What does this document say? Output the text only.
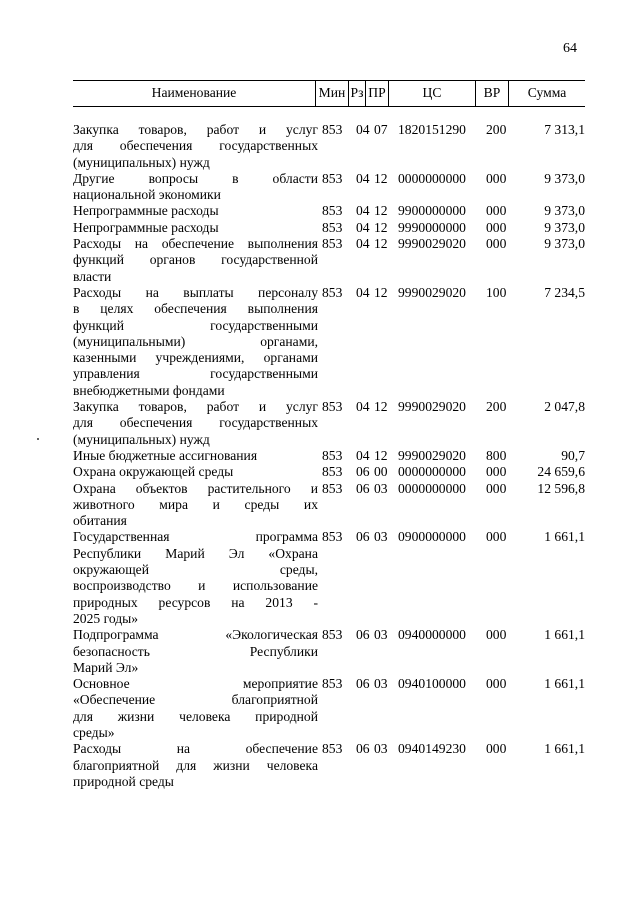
64
Наименование	Мин Рз ПР	ЦС	ВР	Сумма
Закупка товаров, работ и услуг
для обеспечения государственных
(муниципальных) нужд
853	04 07 1820151290	200	7 313,1
Другие вопросы в области
национальной экономики
853	04 12 0000000000	000	9 373,0
Непрограммные расходы	853	04 12 9900000000	000	9 373,0
Непрограммные расходы	853	04 12 9990000000	000	9 373,0
Расходы на обеспечение выполнения
функций органов государственной
власти
853	04 12 9990029020	000	9 373,0
Расходы на выплаты персоналу
в целях обеспечения выполнения
функций государственными
(муниципальными) органами,
казенными учреждениями, органами
управления государственными
внебюджетными фондами
853	04 12 9990029020	100	7 234,5
Закупка товаров, работ и услуг
для обеспечения государственных
(муниципальных) нужд
853	04 12 9990029020	200	2 047,8
Иные бюджетные ассигнования	853	04 12 9990029020	800	90,7
Охрана окружающей среды	853	06 00 0000000000	000	24 659,6
Охрана объектов растительного и
животного мира и среды их
обитания
853	06 03 0000000000	000	12 596,8
Государственная программа
Республики Марий Эл «Охрана
окружающей среды,
воспроизводство и использование
природных ресурсов на 2013 -
2025 годы»
853	06 03 0900000000	000	1 661,1
Подпрограмма «Экологическая
безопасность Республики
Марий Эл»
853	06 03 0940000000	000	1 661,1
Основное мероприятие
«Обеспечение благоприятной
для жизни человека природной
среды»
853	06 03 0940100000	000	1 661,1
Расходы на обеспечение
благоприятной для жизни человека
природной среды
853	06 03 0940149230	000	1 661,1
